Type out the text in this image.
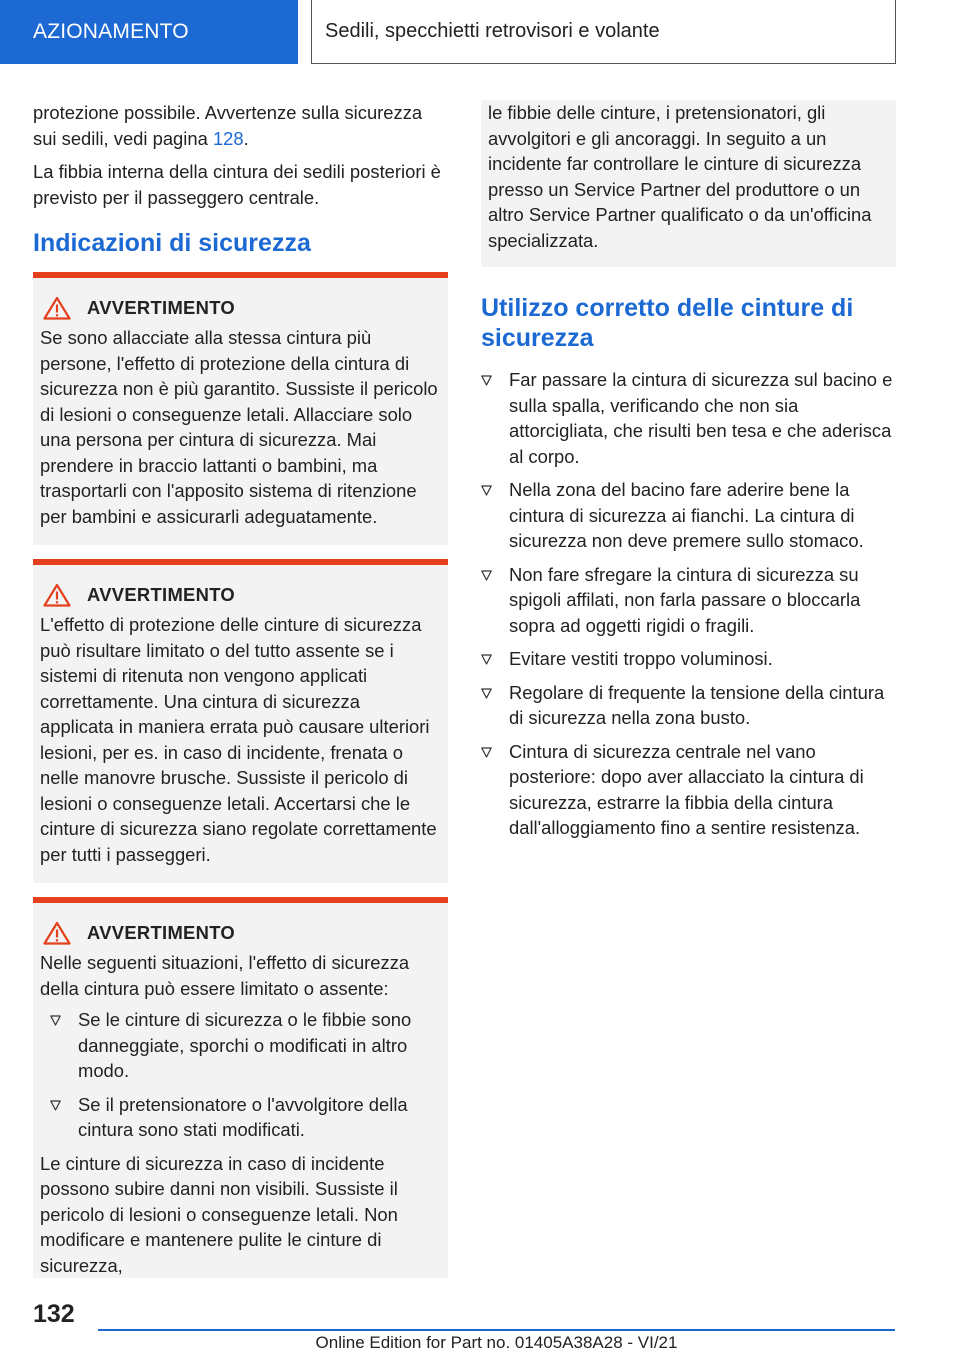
AZIONAMENTO	Sedili, specchietti retrovisori e volante

protezione possibile. Avvertenze sulla sicurezza sui sedili, vedi pagina 128.

La fibbia interna della cintura dei sedili posteriori è previsto per il passeggero centrale.

Indicazioni di sicurezza
AVVERTIMENTO

Se sono allacciate alla stessa cintura più persone, l'effetto di protezione della cintura di sicurezza non è più garantito. Sussiste il pericolo di lesioni o conseguenze letali. Allacciare solo una persona per cintura di sicurezza. Mai prendere in braccio lattanti o bambini, ma trasportarli con l'apposito sistema di ritenzione per bambini e assicurarli adeguatamente.

AVVERTIMENTO

L'effetto di protezione delle cinture di sicurezza può risultare limitato o del tutto assente se i sistemi di ritenuta non vengono applicati correttamente. Una cintura di sicurezza applicata in maniera errata può causare ulteriori lesioni, per es. in caso di incidente, frenata o nelle manovre brusche. Sussiste il pericolo di lesioni o conseguenze letali. Accertarsi che le cinture di sicurezza siano regolate correttamente per tutti i passeggeri.

AVVERTIMENTO

Nelle seguenti situazioni, l'effetto di sicurezza della cintura può essere limitato o assente:

Se le cinture di sicurezza o le fibbie sono danneggiate, sporchi o modificati in altro modo.
Se il pretensionatore o l'avvolgitore della cintura sono stati modificati.

Le cinture di sicurezza in caso di incidente possono subire danni non visibili. Sussiste il pericolo di lesioni o conseguenze letali. Non modificare e mantenere pulite le cinture di sicurezza,

le fibbie delle cinture, i pretensionatori, gli avvolgitori e gli ancoraggi. In seguito a un incidente far controllare le cinture di sicurezza presso un Service Partner del produttore o un altro Service Partner qualificato o da un'officina specializzata.

Utilizzo corretto delle cinture di sicurezza
Far passare la cintura di sicurezza sul bacino e sulla spalla, verificando che non sia attorcigliata, che risulti ben tesa e che aderisca al corpo.
Nella zona del bacino fare aderire bene la cintura di sicurezza ai fianchi. La cintura di sicurezza non deve premere sullo stomaco.
Non fare sfregare la cintura di sicurezza su spigoli affilati, non farla passare o bloccarla sopra ad oggetti rigidi o fragili.
Evitare vestiti troppo voluminosi.
Regolare di frequente la tensione della cintura di sicurezza nella zona busto.
Cintura di sicurezza centrale nel vano posteriore: dopo aver allacciato la cintura di sicurezza, estrarre la fibbia della cintura dall'alloggiamento fino a sentire resistenza.
132
Online Edition for Part no. 01405A38A28 - VI/21
